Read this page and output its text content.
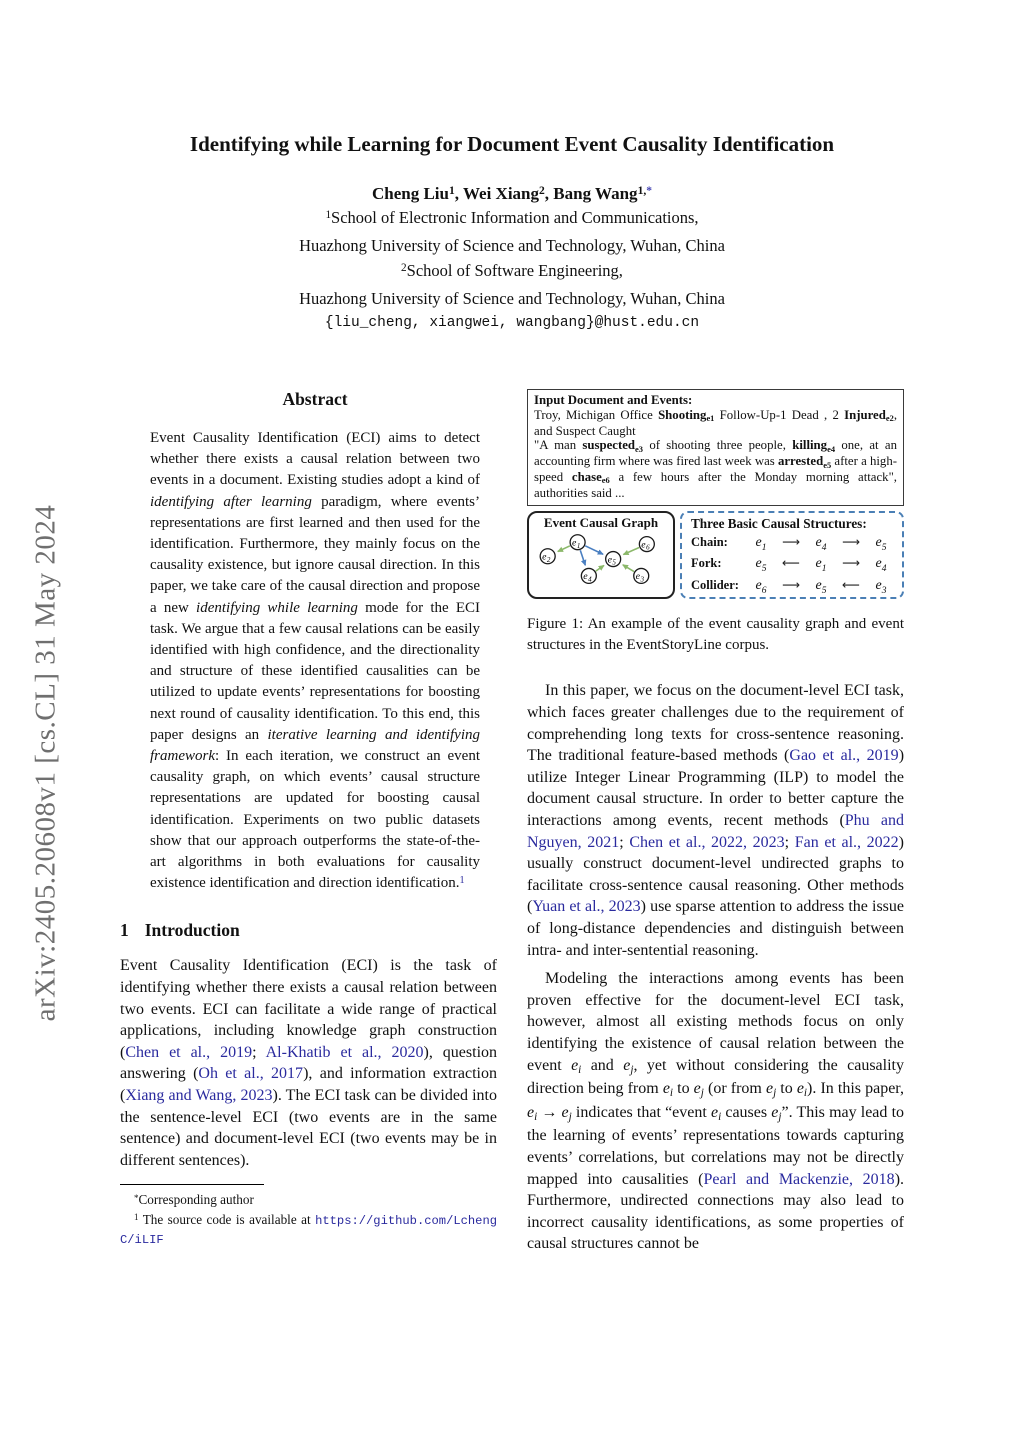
arXiv:2405.20608v1 [cs.CL] 31 May 2024
Identifying while Learning for Document Event Causality Identification
Cheng Liu$^1$, Wei Xiang$^2$, Bang Wang$^{1,*}$
$^1$School of Electronic Information and Communications,
Huazhong University of Science and Technology, Wuhan, China
$^2$School of Software Engineering,
Huazhong University of Science and Technology, Wuhan, China
{liu_cheng, xiangwei, wangbang}@hust.edu.cn
Abstract
Event Causality Identification (ECI) aims to detect whether there exists a causal relation between two events in a document. Existing studies adopt a kind of identifying after learning paradigm, where events’ representations are first learned and then used for the identification. Furthermore, they mainly focus on the causality existence, but ignore causal direction. In this paper, we take care of the causal direction and propose a new identifying while learning mode for the ECI task. We argue that a few causal relations can be easily identified with high confidence, and the directionality and structure of these identified causalities can be utilized to update events’ representations for boosting next round of causality identification. To this end, this paper designs an iterative learning and identifying framework: In each iteration, we construct an event causality graph, on which events’ causal structure representations are updated for boosting causal identification. Experiments on two public datasets show that our approach outperforms the state-of-the-art algorithms in both evaluations for causality existence identification and direction identification.$^1$
1 Introduction
Event Causality Identification (ECI) is the task of identifying whether there exists a causal relation between two events. ECI can facilitate a wide range of practical applications, including knowledge graph construction (Chen et al., 2019; Al-Khatib et al., 2020), question answering (Oh et al., 2017), and information extraction (Xiang and Wang, 2023). The ECI task can be divided into the sentence-level ECI (two events are in the same sentence) and document-level ECI (two events may be in different sentences).
*Corresponding author
$^1$ The source code is available at https://github.com/LchengC/iLIF
Input Document and Events:
Troy, Michigan Office Shootinge1 Follow-Up-1 Dead , 2 Injurede2, and Suspect Caught
"A man suspectede3 of shooting three people, killinge4 one, at an accounting firm where was fired last week was arrestede5 after a high-speed chasee6 a few hours after the Monday morning attack", authorities said ...
Event Causal Graph
$e_1$
$e_2$
$e_4$
$e_5$
$e_3$
$e_6$
Three Basic Causal Structures:
Chain:	$e_1$	⟶	$e_4$	⟶	$e_5$
Fork:	$e_5$	⟵	$e_1$	⟶	$e_4$
Collider:	$e_6$	⟶	$e_5$	⟵	$e_3$
Figure 1: An example of the event causality graph and event structures in the EventStoryLine corpus.
In this paper, we focus on the document-level ECI task, which faces greater challenges due to the requirement of comprehending long texts for cross-sentence reasoning. The traditional feature-based methods (Gao et al., 2019) utilize Integer Linear Programming (ILP) to model the document causal structure. In order to better capture the interactions among events, recent methods (Phu and Nguyen, 2021; Chen et al., 2022, 2023; Fan et al., 2022) usually construct document-level undirected graphs to facilitate cross-sentence causal reasoning. Other methods (Yuan et al., 2023) use sparse attention to address the issue of long-distance dependencies and distinguish between intra- and inter-sentential reasoning.
Modeling the interactions among events has been proven effective for the document-level ECI task, however, almost all existing methods focus on only identifying the existence of causal relation between the event ei and ej, yet without considering the causality direction being from ei to ej (or from ej to ei). In this paper, ei → ej indicates that “event ei causes ej”. This may lead to the learning of events’ representations towards capturing events’ correlations, but correlations may not be directly mapped into causalities (Pearl and Mackenzie, 2018). Furthermore, undirected connections may also lead to incorrect causality identifications, as some properties of causal structures cannot be
